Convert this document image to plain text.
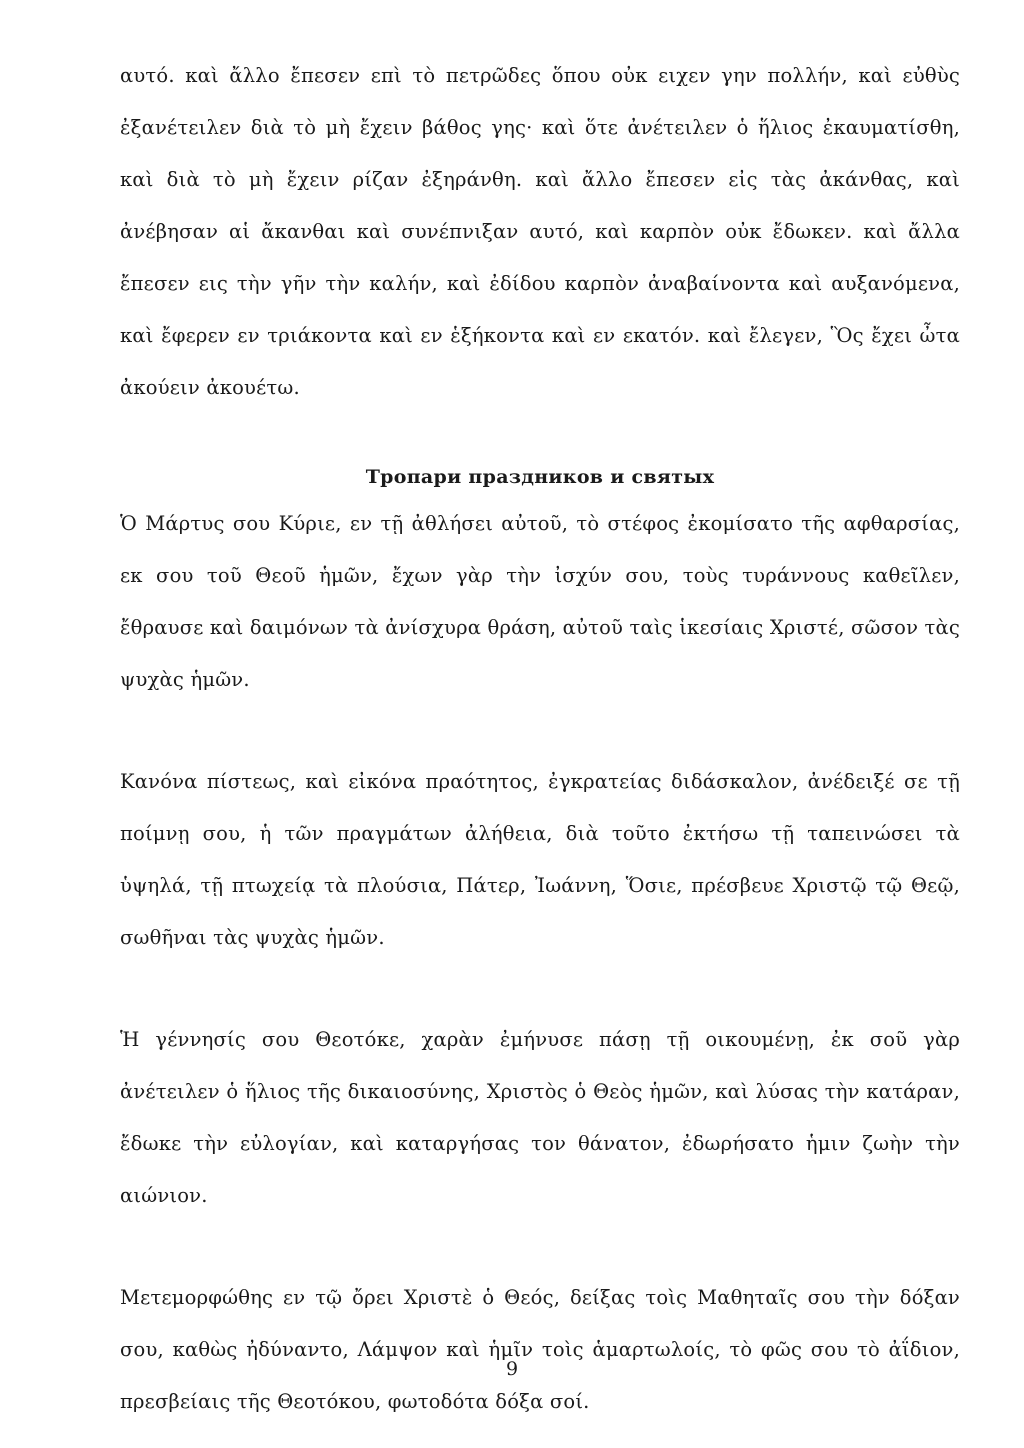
αυτό. καὶ ἄλλο ἔπεσεν επὶ τὸ πετρῶδες ὅπου οὐκ ειχεν γην πολλήν, καὶ εὐθὺς ἐξανέτειλεν διὰ τὸ μὴ ἔχειν βάθος γης· καὶ ὅτε ἀνέτειλεν ὁ ἥλιος ἐκαυματίσθη, καὶ διὰ τὸ μὴ ἔχειν ρίζαν ἐξηράνθη. καὶ ἄλλο ἔπεσεν εἰς τὰς ἀκάνθας, καὶ ἀνέβησαν αἱ ἄκανθαι καὶ συνέπνιξαν αυτό, καὶ καρπὸν οὐκ ἔδωκεν. καὶ ἄλλα ἔπεσεν εις τὴν γῆν τὴν καλήν, καὶ ἐδίδου καρπὸν ἀναβαίνοντα καὶ αυξανόμενα, καὶ ἔφερεν εν τριάκοντα καὶ εν ἑξήκοντα καὶ εν εκατόν. καὶ ἔλεγεν, Ὃς ἔχει ὦτα ἀκούειν ἀκουέτω.

Тропари праздников и святых

Ὁ Μάρτυς σου Κύριε, εν τῇ ἀθλήσει αὐτοῦ, τὸ στέφος ἐκομίσατο τῆς αφθαρσίας, εκ σου τοῦ Θεοῦ ἡμῶν, ἔχων γὰρ τὴν ἰσχύν σου, τοὺς τυράννους καθεῖλεν, ἔθραυσε καὶ δαιμόνων τὰ ἀνίσχυρα θράση, αὐτοῦ ταὶς ἱκεσίαις Χριστέ, σῶσον τὰς ψυχὰς ἡμῶν.

Κανόνα πίστεως, καὶ εἰκόνα πραότητος, ἐγκρατείας διδάσκαλον, ἀνέδειξέ σε τῇ ποίμνῃ σου, ἡ τῶν πραγμάτων ἀλήθεια, διὰ τοῦτο ἐκτήσω τῇ ταπεινώσει τὰ ὑψηλά, τῇ πτωχείᾳ τὰ πλούσια, Πάτερ, Ἰωάννη, Ὅσιε, πρέσβευε Χριστῷ τῷ Θεῷ, σωθῆναι τὰς ψυχὰς ἡμῶν.

Ἡ γέννησίς σου Θεοτόκε, χαρὰν ἐμήνυσε πάσῃ τῇ οικουμένῃ, ἐκ σοῦ γὰρ ἀνέτειλεν ὁ ἥλιος τῆς δικαιοσύνης, Χριστὸς ὁ Θεὸς ἡμῶν, καὶ λύσας τὴν κατάραν, ἔδωκε τὴν εὐλογίαν, καὶ καταργήσας τον θάνατον, ἐδωρήσατο ἡμιν ζωὴν τὴν αιώνιον.

Μετεμορφώθης εν τῷ ὄρει Χριστὲ ὁ Θεός, δείξας τοὶς Μαθηταῖς σου τὴν δόξαν σου, καθὼς ἠδύναντο, Λάμψον καὶ ἡμῖν τοὶς ἁμαρτωλοίς, τὸ φῶς σου τὸ ἀΐδιον, πρεσβείαις τῆς Θεοτόκου, φωτοδότα δόξα σοί.

9
